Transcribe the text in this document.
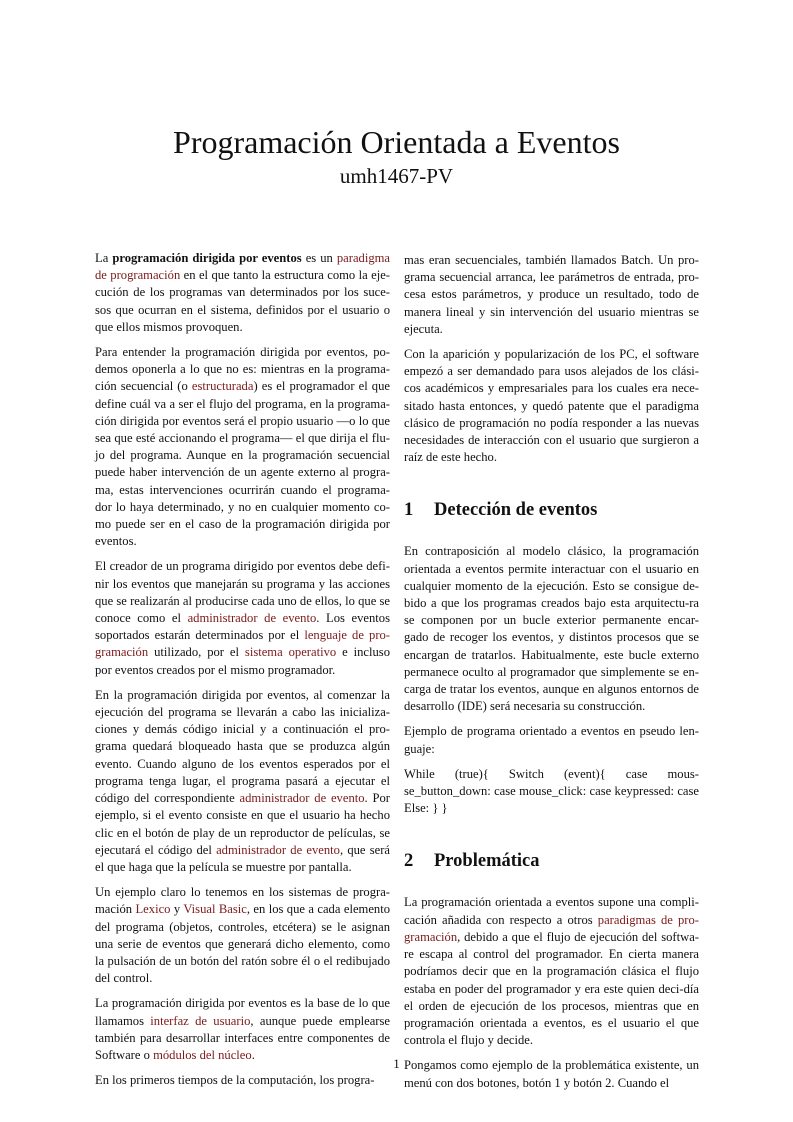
Programación Orientada a Eventos
umh1467-PV

La programación dirigida por eventos es un paradigma de programación en el que tanto la estructura como la eje-cución de los programas van determinados por los suce-sos que ocurran en el sistema, definidos por el usuario o que ellos mismos provoquen.

Para entender la programación dirigida por eventos, po-demos oponerla a lo que no es: mientras en la programa-ción secuencial (o estructurada) es el programador el que define cuál va a ser el flujo del programa, en la programa-ción dirigida por eventos será el propio usuario —o lo que sea que esté accionando el programa— el que dirija el flu-jo del programa. Aunque en la programación secuencial puede haber intervención de un agente externo al progra-ma, estas intervenciones ocurrirán cuando el programa-dor lo haya determinado, y no en cualquier momento co-mo puede ser en el caso de la programación dirigida por eventos.

El creador de un programa dirigido por eventos debe defi-nir los eventos que manejarán su programa y las acciones que se realizarán al producirse cada uno de ellos, lo que se conoce como el administrador de evento. Los eventos soportados estarán determinados por el lenguaje de pro-gramación utilizado, por el sistema operativo e incluso por eventos creados por el mismo programador.

En la programación dirigida por eventos, al comenzar la ejecución del programa se llevarán a cabo las inicializa-ciones y demás código inicial y a continuación el pro-grama quedará bloqueado hasta que se produzca algún evento. Cuando alguno de los eventos esperados por el programa tenga lugar, el programa pasará a ejecutar el código del correspondiente administrador de evento. Por ejemplo, si el evento consiste en que el usuario ha hecho clic en el botón de play de un reproductor de películas, se ejecutará el código del administrador de evento, que será el que haga que la película se muestre por pantalla.

Un ejemplo claro lo tenemos en los sistemas de progra-mación Lexico y Visual Basic, en los que a cada elemento del programa (objetos, controles, etcétera) se le asignan una serie de eventos que generará dicho elemento, como la pulsación de un botón del ratón sobre él o el redibujado del control.

La programación dirigida por eventos es la base de lo que llamamos interfaz de usuario, aunque puede emplearse también para desarrollar interfaces entre componentes de Software o módulos del núcleo.

En los primeros tiempos de la computación, los progra-

mas eran secuenciales, también llamados Batch. Un pro-grama secuencial arranca, lee parámetros de entrada, pro-cesa estos parámetros, y produce un resultado, todo de manera lineal y sin intervención del usuario mientras se ejecuta.

Con la aparición y popularización de los PC, el software empezó a ser demandado para usos alejados de los clási-cos académicos y empresariales para los cuales era nece-sitado hasta entonces, y quedó patente que el paradigma clásico de programación no podía responder a las nuevas necesidades de interacción con el usuario que surgieron a raíz de este hecho.

1 Detección de eventos

En contraposición al modelo clásico, la programación orientada a eventos permite interactuar con el usuario en cualquier momento de la ejecución. Esto se consigue de-bido a que los programas creados bajo esta arquitectu-ra se componen por un bucle exterior permanente encar-gado de recoger los eventos, y distintos procesos que se encargan de tratarlos. Habitualmente, este bucle externo permanece oculto al programador que simplemente se en-carga de tratar los eventos, aunque en algunos entornos de desarrollo (IDE) será necesaria su construcción.

Ejemplo de programa orientado a eventos en pseudo len-guaje:

While (true){ Switch (event){ case mous-se_button_down: case mouse_click: case keypressed: case Else: } }

2 Problemática

La programación orientada a eventos supone una compli-cación añadida con respecto a otros paradigmas de pro-gramación, debido a que el flujo de ejecución del softwa-re escapa al control del programador. En cierta manera podríamos decir que en la programación clásica el flujo estaba en poder del programador y era este quien deci-día el orden de ejecución de los procesos, mientras que en programación orientada a eventos, es el usuario el que controla el flujo y decide.

Pongamos como ejemplo de la problemática existente, un menú con dos botones, botón 1 y botón 2. Cuando el

1
